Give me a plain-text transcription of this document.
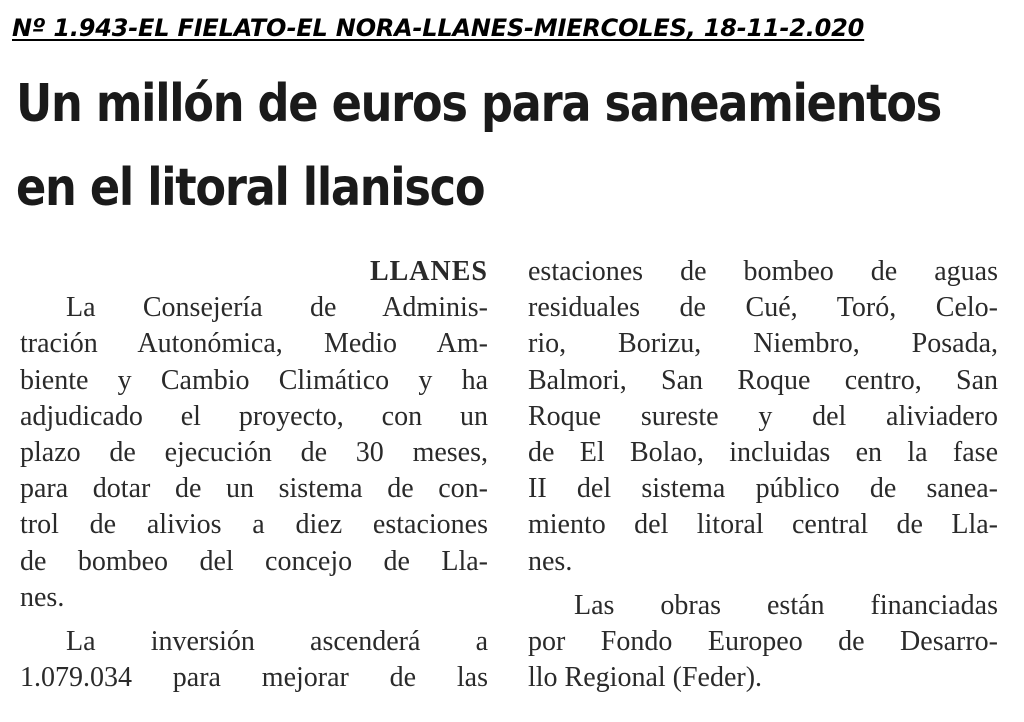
Nº 1.943-EL FIELATO-EL NORA-LLANES-MIERCOLES, 18-11-2.020
Un millón de euros para saneamientos
en el litoral llanisco
LLANES
La Consejería de Adminis-
tración Autonómica, Medio Am-
biente y Cambio Climático y ha
adjudicado el proyecto, con un
plazo de ejecución de 30 meses,
para dotar de un sistema de con-
trol de alivios a diez estaciones
de bombeo del concejo de Lla-
nes.
La inversión ascenderá a
1.079.034 para mejorar de las
estaciones de bombeo de aguas
residuales de Cué, Toró, Celo-
rio, Borizu, Niembro, Posada,
Balmori, San Roque centro, San
Roque sureste y del aliviadero
de El Bolao, incluidas en la fase
II del sistema público de sanea-
miento del litoral central de Lla-
nes.
Las obras están financiadas
por Fondo Europeo de Desarro-
llo Regional (Feder).
